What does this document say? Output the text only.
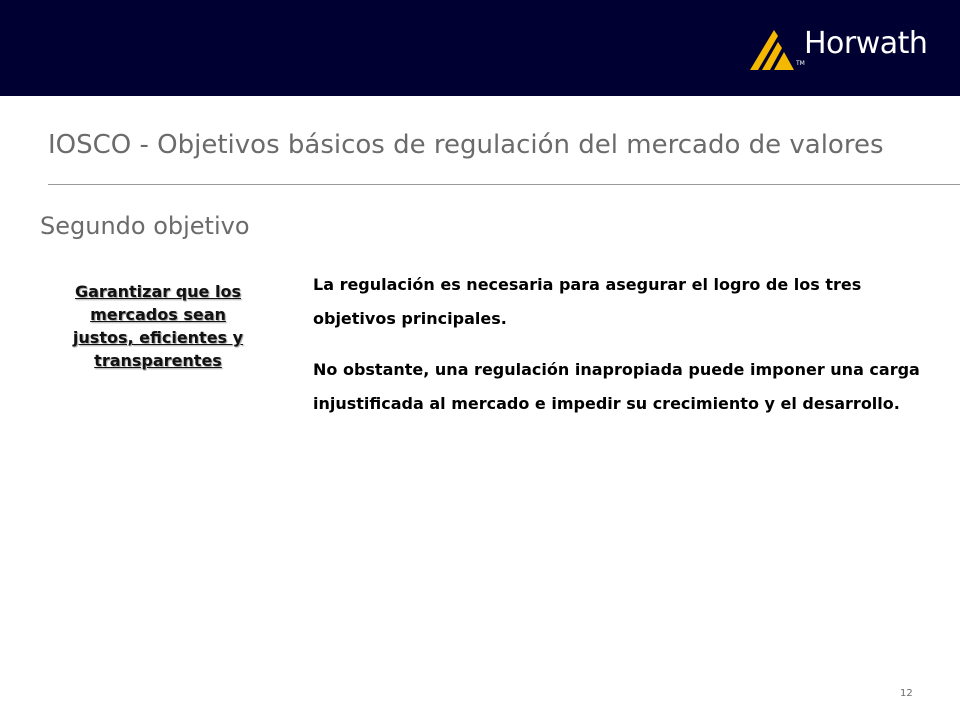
Horwath
TM
IOSCO - Objetivos básicos de regulación del mercado de valores
Segundo objetivo
Garantizar que los mercados sean justos, eficientes y transparentes

La regulación es necesaria para asegurar el logro de los tres objetivos principales.

No obstante, una regulación inapropiada puede imponer una carga injustificada al mercado e impedir su crecimiento y el desarrollo.

12
